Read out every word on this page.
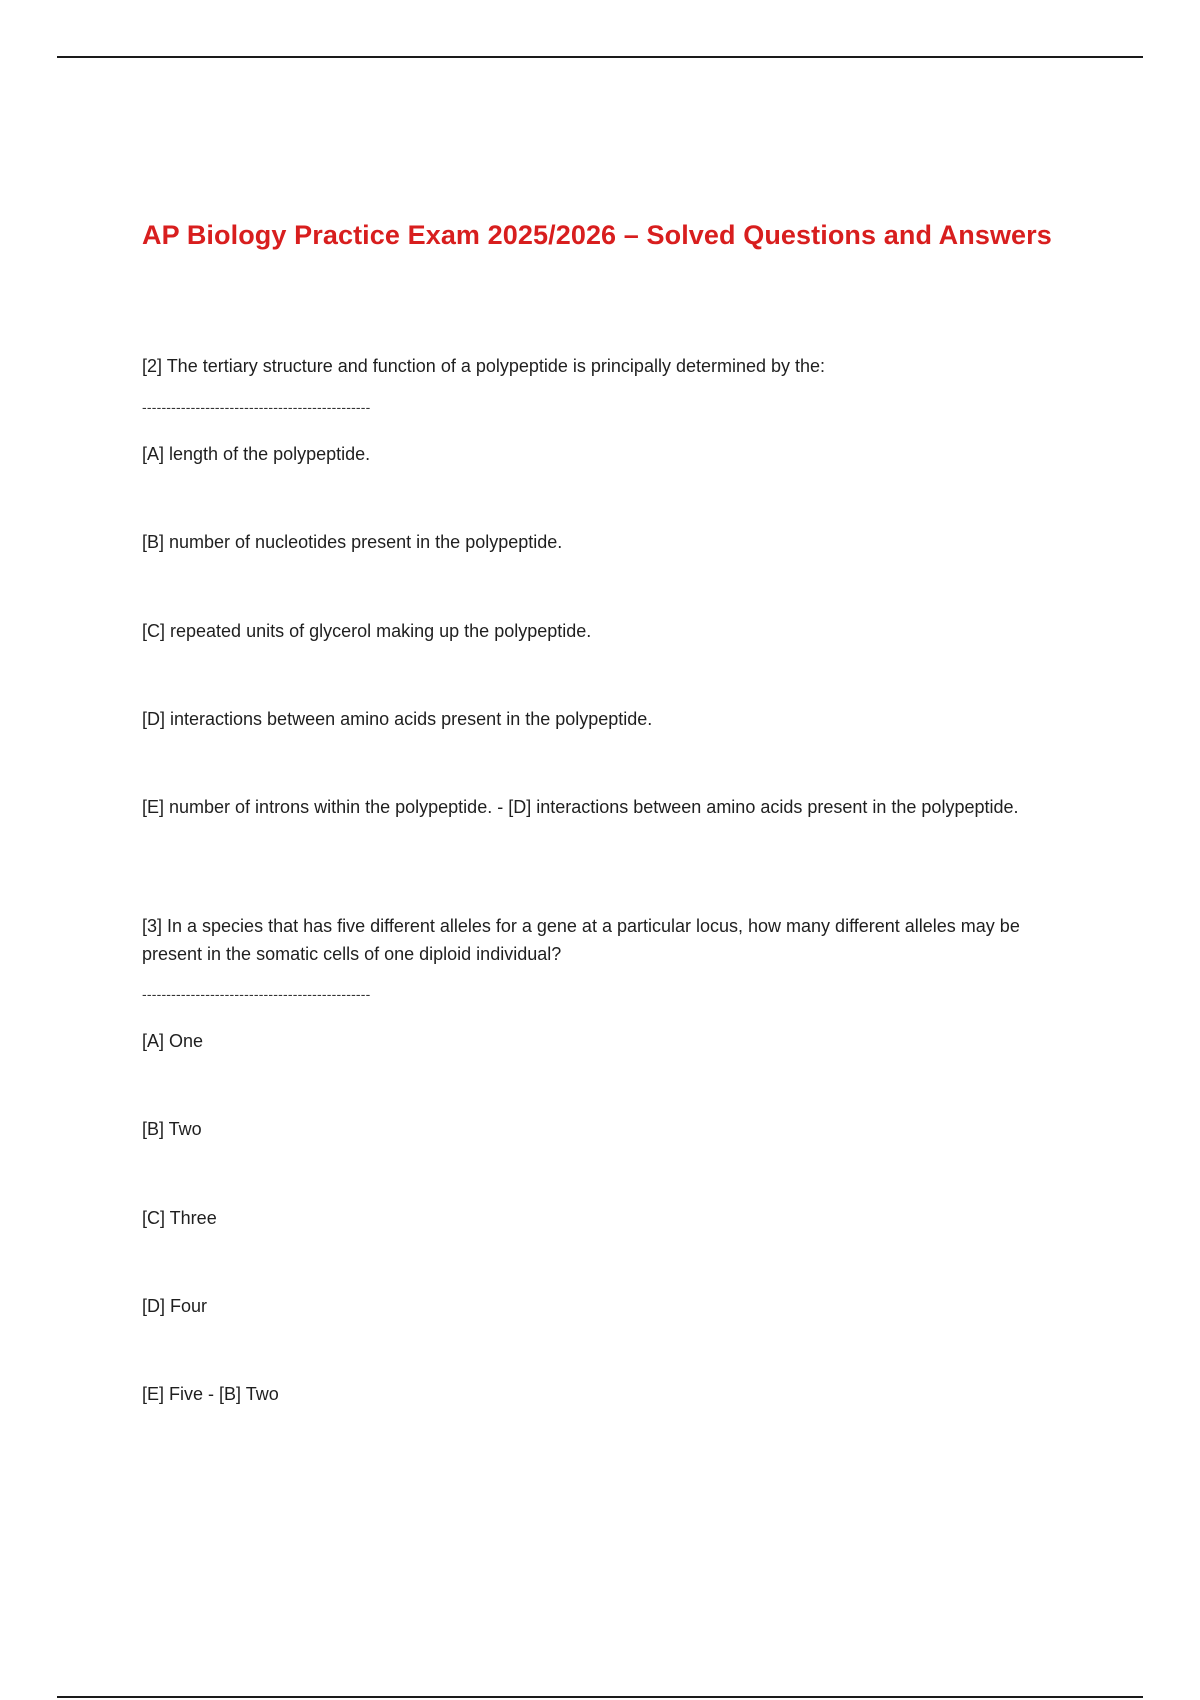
AP Biology Practice Exam 2025/2026 – Solved Questions and Answers

[2] The tertiary structure and function of a polypeptide is principally determined by the:

-----------------------------------------------

[A] length of the polypeptide.

[B] number of nucleotides present in the polypeptide.

[C] repeated units of glycerol making up the polypeptide.

[D] interactions between amino acids present in the polypeptide.

[E] number of introns within the polypeptide. - [D] interactions between amino acids present in the polypeptide.

[3] In a species that has five different alleles for a gene at a particular locus, how many different alleles may be present in the somatic cells of one diploid individual?

-----------------------------------------------

[A] One

[B] Two

[C] Three

[D] Four

[E] Five - [B] Two
